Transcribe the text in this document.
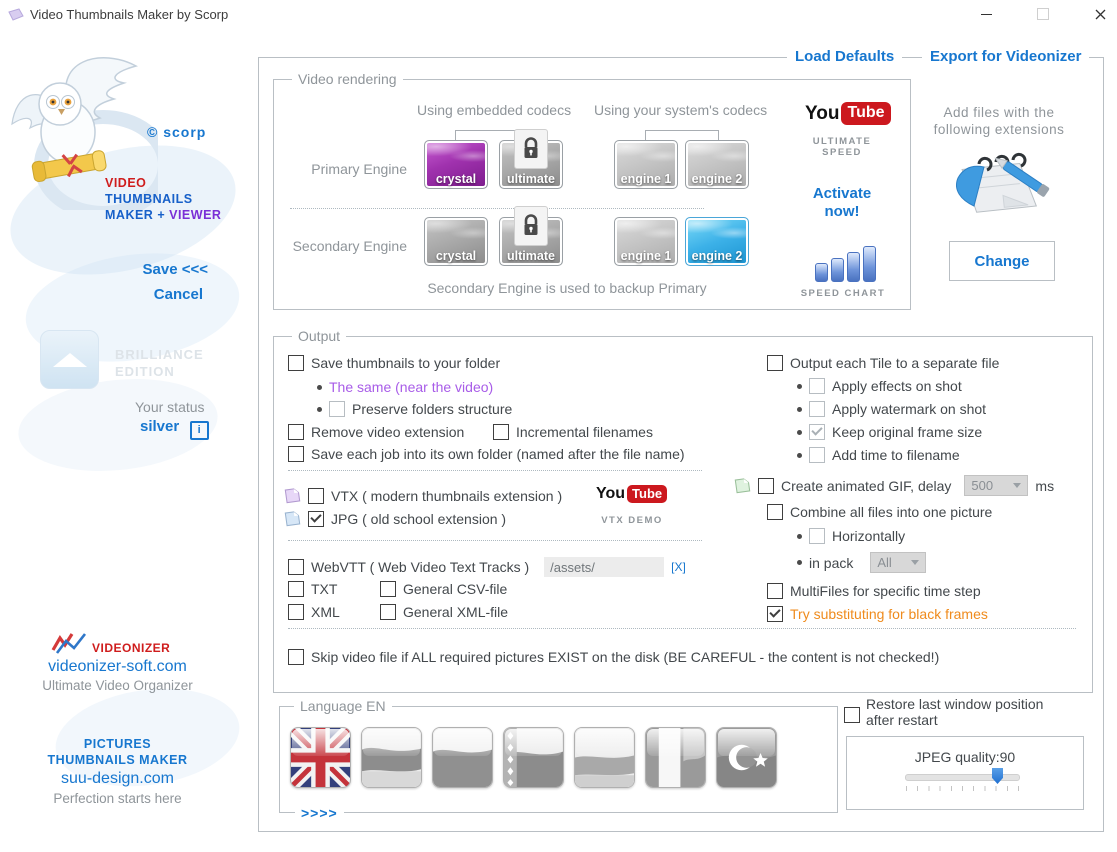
Video Thumbnails Maker by Scorp
© scorp
VIDEO
THUMBNAILS
MAKER + VIEWER
Save <<<
Cancel
BRILLIANCE
EDITION
Your status
silver i
VIDEONIZER
videonizer-soft.com
Ultimate Video Organizer
PICTURES
THUMBNAILS MAKER
suu-design.com
Perfection starts here
Load Defaults	Export for Videonizer
Video rendering
Using embedded codecs Using your system's codecs
Primary Engine
crystal ultimate	engine 1 engine 2
Secondary Engine
crystal ultimate	engine 1 engine 2
Secondary Engine is used to backup Primary
You Tube
ULTIMATE
SPEED
Activate
now!
SPEED CHART
Add files with the
following extensions
Change
Output
Save thumbnails to your folder
The same (near the video)
Preserve folders structure
Remove video extension	Incremental filenames
Save each job into its own folder (named after the file name)
VTX ( modern thumbnails extension )
JPG ( old school extension )
You Tube
VTX DEMO
WebVTT ( Web Video Text Tracks )
/assets/	[X]
TXT	General CSV-file
XML	General XML-file
Output each Tile to a separate file
Apply effects on shot
Apply watermark on shot
Keep original frame size
Add time to filename
Create animated GIF, delay 500	ms
Combine all files into one picture
Horizontally
in pack All
MultiFiles for specific time step
Try substituting for black frames
Skip video file if ALL required pictures EXIST on the disk (BE CAREFUL - the content is not checked!)
Language EN
>>>>
Restore last window position
after restart
JPEG quality:90
